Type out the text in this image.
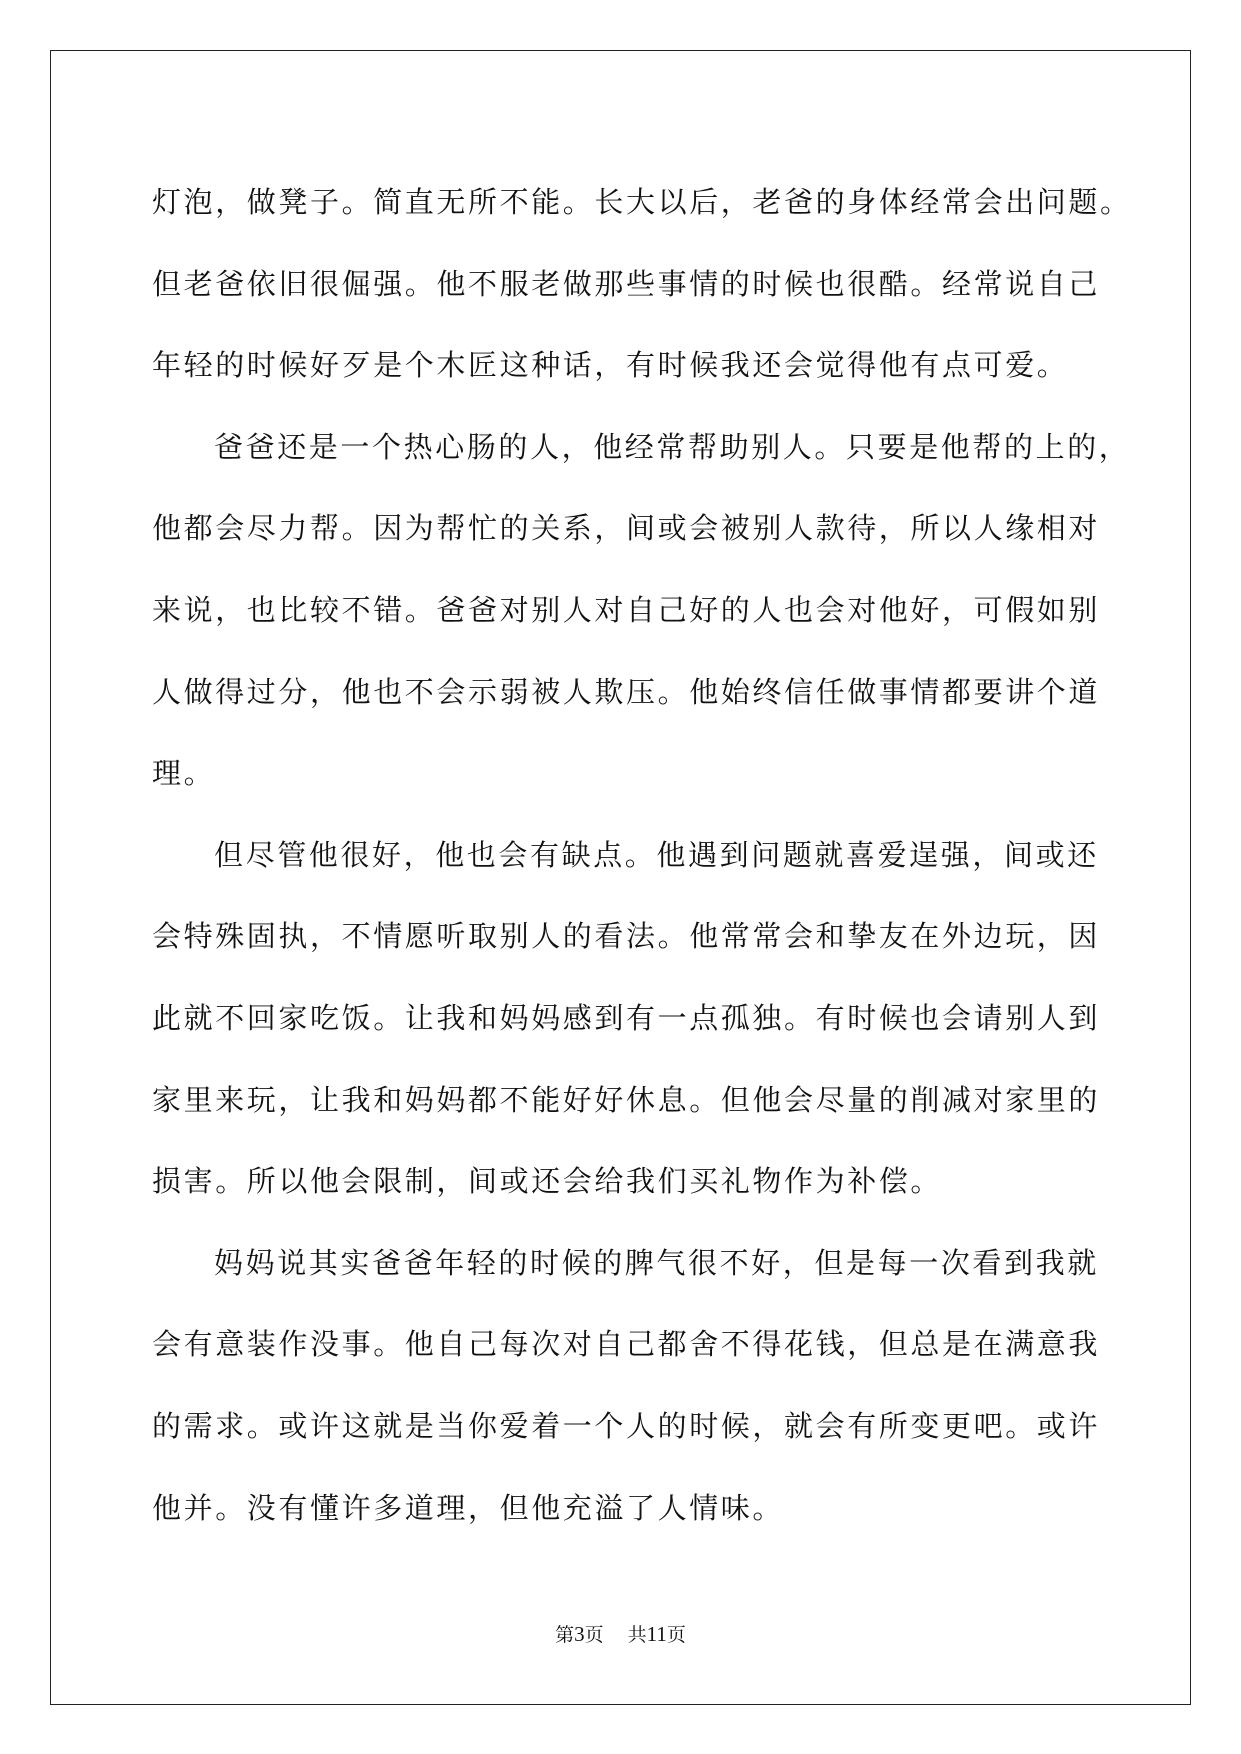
灯泡，做凳子。简直无所不能。长大以后，老爸的身体经常会出问题。
但老爸依旧很倔强。他不服老做那些事情的时候也很酷。经常说自己
年轻的时候好歹是个木匠这种话，有时候我还会觉得他有点可爱。
爸爸还是一个热心肠的人，他经常帮助别人。只要是他帮的上的，
他都会尽力帮。因为帮忙的关系，间或会被别人款待，所以人缘相对
来说，也比较不错。爸爸对别人对自己好的人也会对他好，可假如别
人做得过分，他也不会示弱被人欺压。他始终信任做事情都要讲个道
理。
但尽管他很好，他也会有缺点。他遇到问题就喜爱逞强，间或还
会特殊固执，不情愿听取别人的看法。他常常会和挚友在外边玩，因
此就不回家吃饭。让我和妈妈感到有一点孤独。有时候也会请别人到
家里来玩，让我和妈妈都不能好好休息。但他会尽量的削减对家里的
损害。所以他会限制，间或还会给我们买礼物作为补偿。
妈妈说其实爸爸年轻的时候的脾气很不好，但是每一次看到我就
会有意装作没事。他自己每次对自己都舍不得花钱，但总是在满意我
的需求。或许这就是当你爱着一个人的时候，就会有所变更吧。或许
他并。没有懂许多道理，但他充溢了人情味。
第3页 共11页
